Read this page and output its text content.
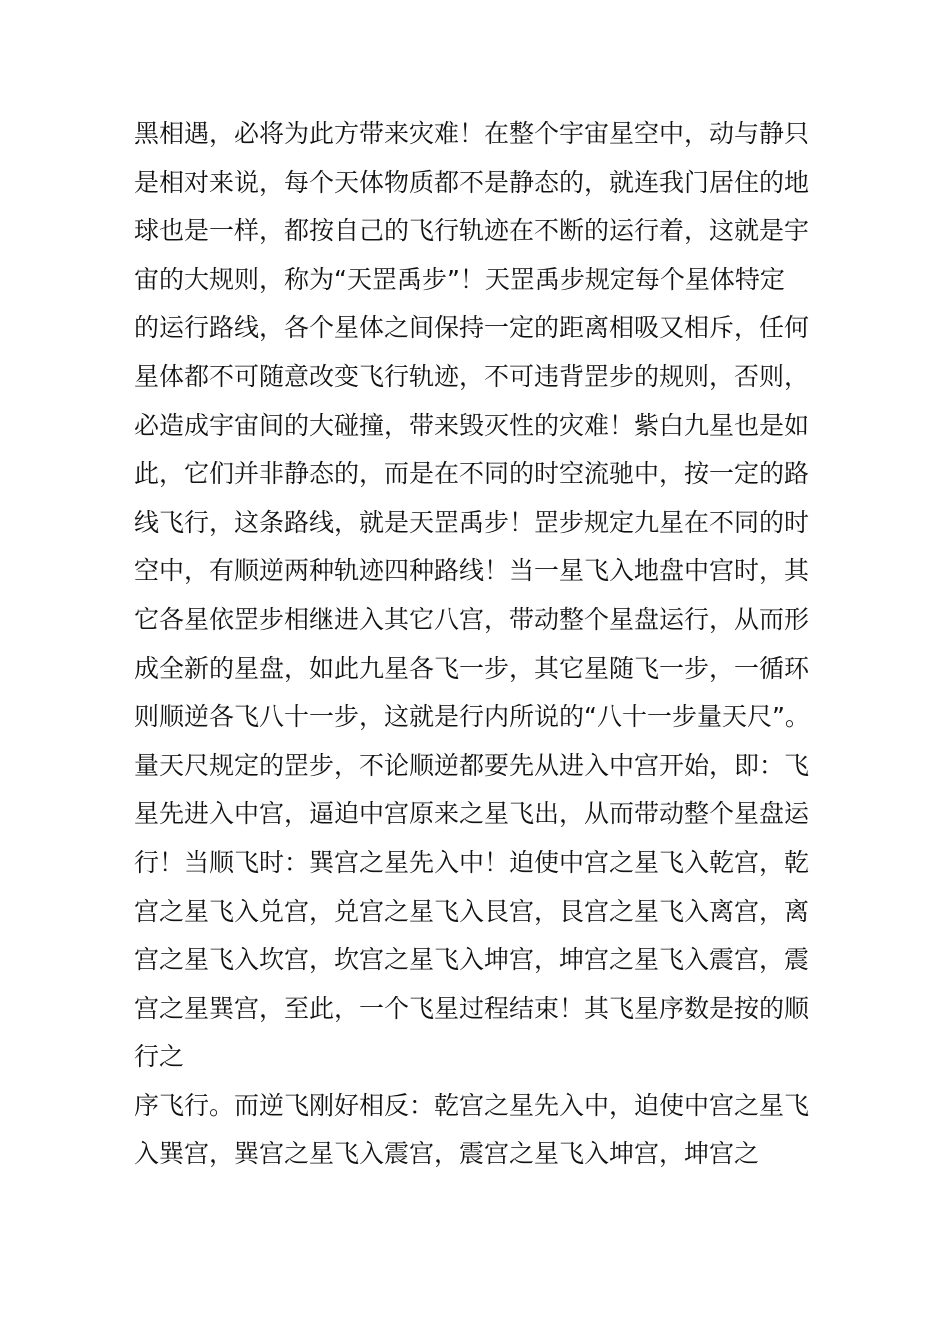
黑相遇，必将为此方带来灾难！在整个宇宙星空中，动与静只
是相对来说，每个天体物质都不是静态的，就连我门居住的地
球也是一样，都按自己的飞行轨迹在不断的运行着，这就是宇
宙的大规则，称为“天罡禹步”！天罡禹步规定每个星体特定
的运行路线，各个星体之间保持一定的距离相吸又相斥，任何
星体都不可随意改变飞行轨迹，不可违背罡步的规则，否则，
必造成宇宙间的大碰撞，带来毁灭性的灾难！紫白九星也是如
此，它们并非静态的，而是在不同的时空流驰中，按一定的路
线飞行，这条路线，就是天罡禹步！罡步规定九星在不同的时
空中，有顺逆两种轨迹四种路线！当一星飞入地盘中宫时，其
它各星依罡步相继进入其它八宫，带动整个星盘运行，从而形
成全新的星盘，如此九星各飞一步，其它星随飞一步，一循环
则顺逆各飞八十一步，这就是行内所说的“八十一步量天尺”。
量天尺规定的罡步，不论顺逆都要先从进入中宫开始，即：飞
星先进入中宫，逼迫中宫原来之星飞出，从而带动整个星盘运
行！当顺飞时：巽宫之星先入中！迫使中宫之星飞入乾宫，乾
宫之星飞入兑宫，兑宫之星飞入艮宫，艮宫之星飞入离宫，离
宫之星飞入坎宫，坎宫之星飞入坤宫，坤宫之星飞入震宫，震
宫之星巽宫，至此，一个飞星过程结束！其飞星序数是按的顺
行之
序飞行。而逆飞刚好相反：乾宫之星先入中，迫使中宫之星飞
入巽宫，巽宫之星飞入震宫，震宫之星飞入坤宫，坤宫之
